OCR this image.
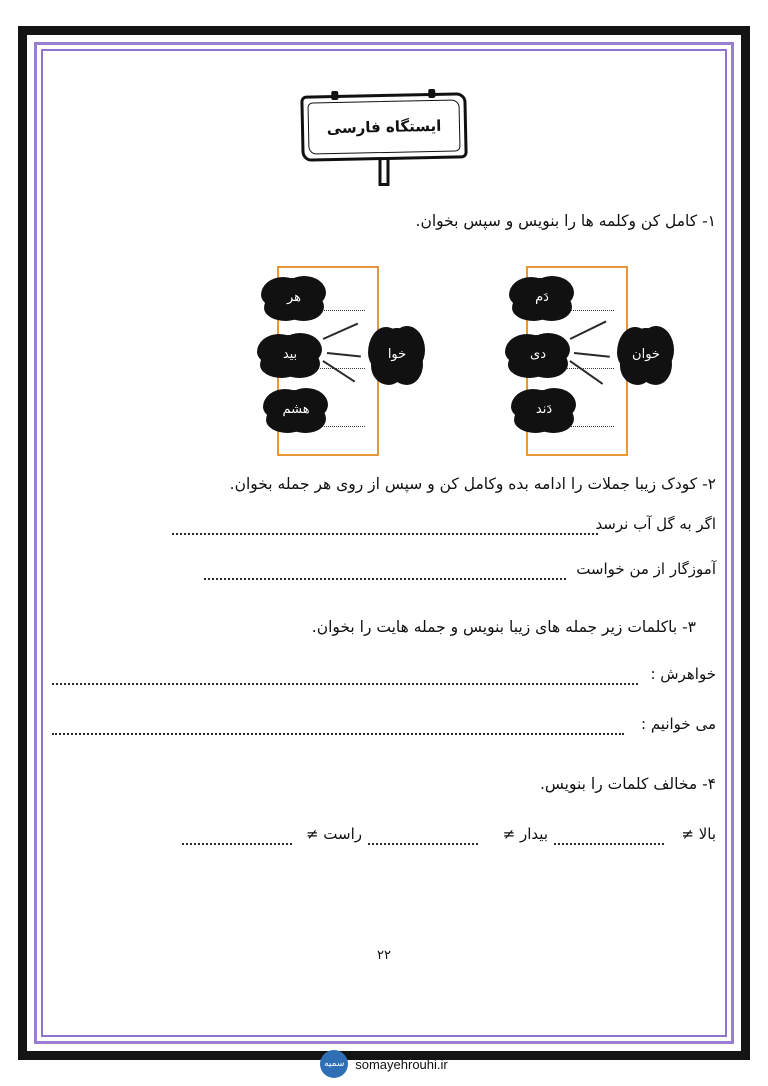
ایستگاه فارسی
۱- کامل کن وکلمه ها را بنویس و سپس بخوان.
خوان
دَم
دی
دَند
خوا
هر
بید
هشم
۲- کودک زیبا جملات را ادامه بده وکامل کن و سپس از روی هر جمله بخوان.
اگر به گل آب نرسد
آموزگار از من خواست
۳- باکلمات زیر جمله های زیبا بنویس و جمله هایت را بخوان.
خواهرش :
می خوانیم :
۴- مخالف کلمات را بنویس.
بالا ≠
بیدار ≠
راست ≠
۲۲
سمیه somayehrouhi.ir
